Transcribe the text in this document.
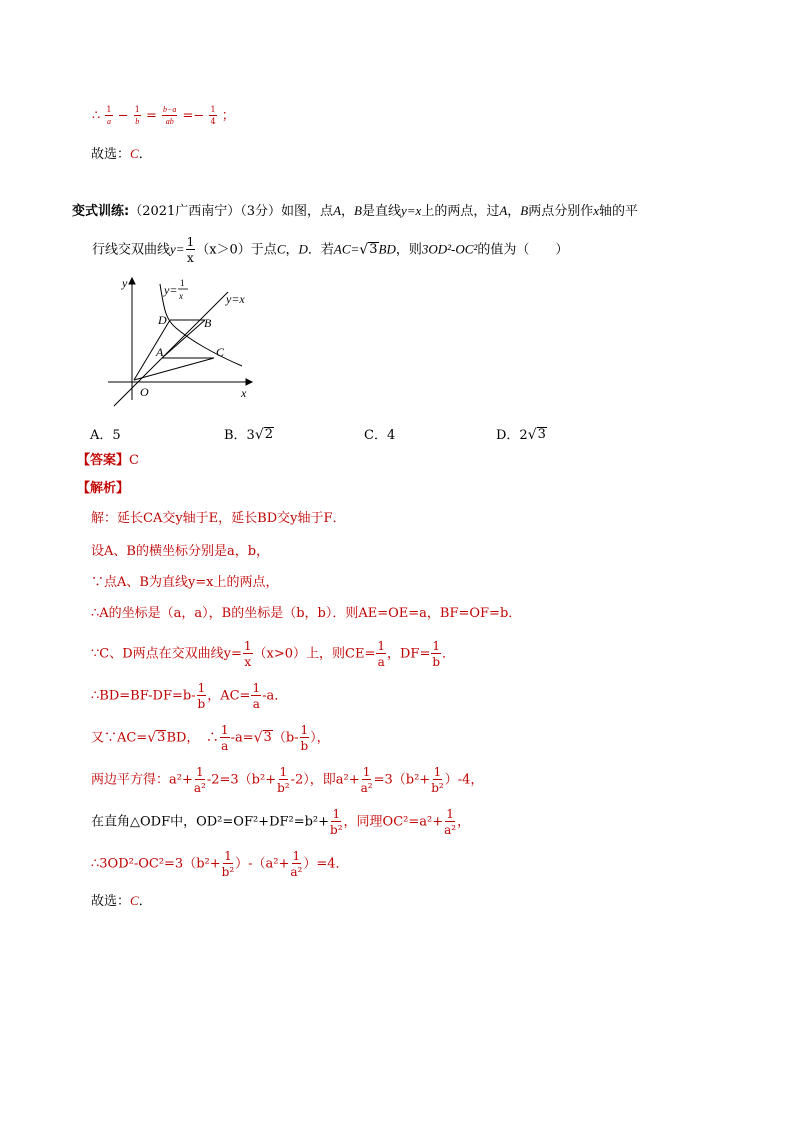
∴ $\frac{1}{a} - \frac{1}{b} = \frac{b-a}{ab} =- \frac{1}{4}$ ；
故选：C．
变式训练:（2021广西南宁）（3分）如图，点A，B是直线y=x上的两点，过A，B两点分别作x轴的平
行线交双曲线$y= \frac{1}{x} (x>0)$于点C，D．若AC= √ 3 BD，则3OD²-OC²的值为（　　）
y
x
O
D	B
A	C
y=x
y= 1
x
A．5	B．3 √ 2	C．4	D．2 √ 3
【答案】C
【解析】
解：延长CA交y轴于E，延长BD交y轴于F．
设A、B的横坐标分别是a，b，
∵点A、B为直线y=x上的两点，
∴A的坐标是（a，a），B的坐标是（b，b）．则AE=OE=a，BF=OF=b．
∵C、D两点在交双曲线$y= \frac{1}{x} (x>0)$上，则$CE= \frac{1}{a}$ ，$DF= \frac{1}{b}$ ．
∴BD=BF-DF=b- $\frac{1}{b}$ ，$AC= \frac{1}{a} -a$．
又∵AC= √ 3 BD，　∴ $\frac{1}{a} -a=$ √ 3 （$b- \frac{1}{b}$ ），
两边平方得：$a^2+ \frac{1}{\text{a²}} -2=3(b^2+ \frac{1}{\text{b²}} -2)$，即$a^2+ \frac{1}{\text{a²}} =3(b^2+ \frac{1}{\text{b²}} )-4$，
在直角△ODF中，$OD^2=OF^2+DF^2=b^2+ \frac{1}{\text{b²}}$ ，同理$OC^2=a^2+ \frac{1}{\text{a²}}$ ，
∴3OD²-OC²=3（b²+ $\frac{1}{\text{b²}} )-(a^2+ \frac{1}{\text{a²}} )=4$．
故选：C．
